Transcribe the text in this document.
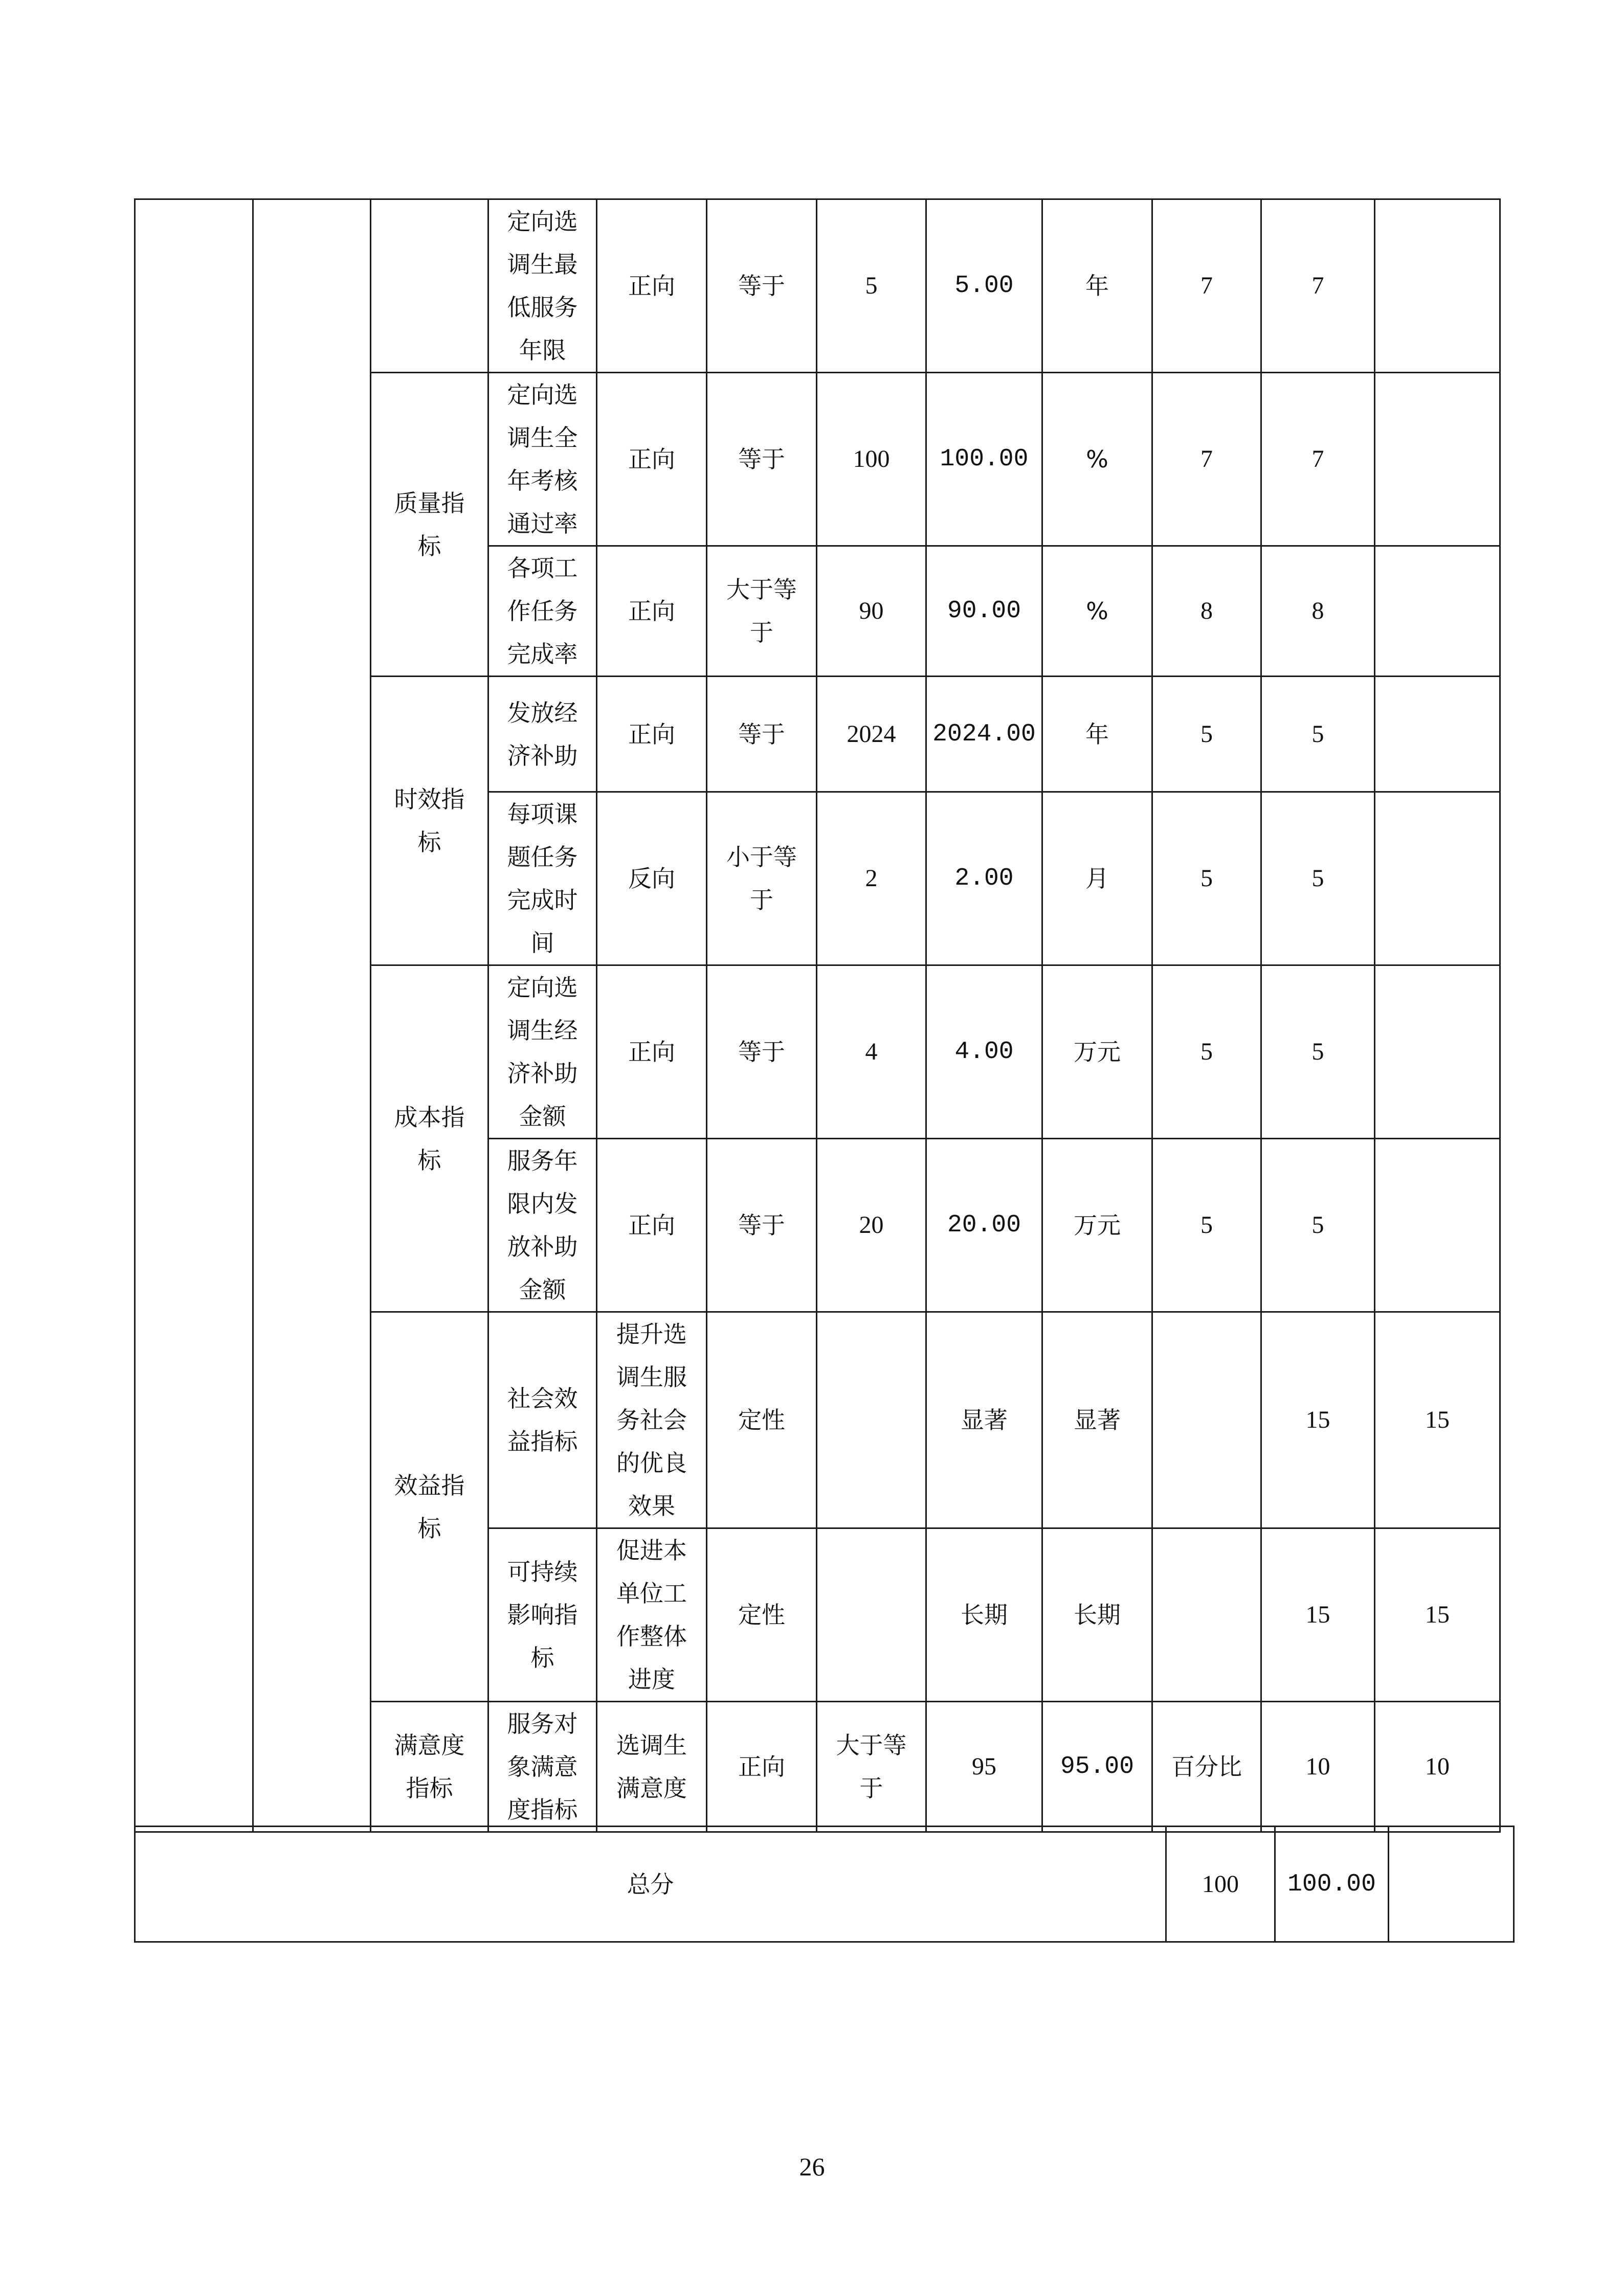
			定向选调生最低服务年限	正向	等于	5	5.00	年	7	7		
		质量指标	定向选调生全年考核通过率	正向	等于	100	100.00	%	7	7		
			各项工作任务完成率	正向	大于等于	90	90.00	%	8	8		
		时效指标	发放经济补助	正向	等于	2024	2024.00	年	5	5		
			每项课题任务完成时间	反向	小于等于	2	2.00	月	5	5		
		成本指标	定向选调生经济补助金额	正向	等于	4	4.00	万元	5	5		
			服务年限内发放补助金额	正向	等于	20	20.00	万元	5	5		
		效益指标	社会效益指标	提升选调生服务社会的优良效果	定性		显著	显著		15	15	
			可持续影响指标	促进本单位工作整体进度	定性		长期	长期		15	15	
		满意度指标	服务对象满意度指标	选调生满意度	正向	大于等于	95	95.00	百分比	10	10	
总分	100	100.00	
26
